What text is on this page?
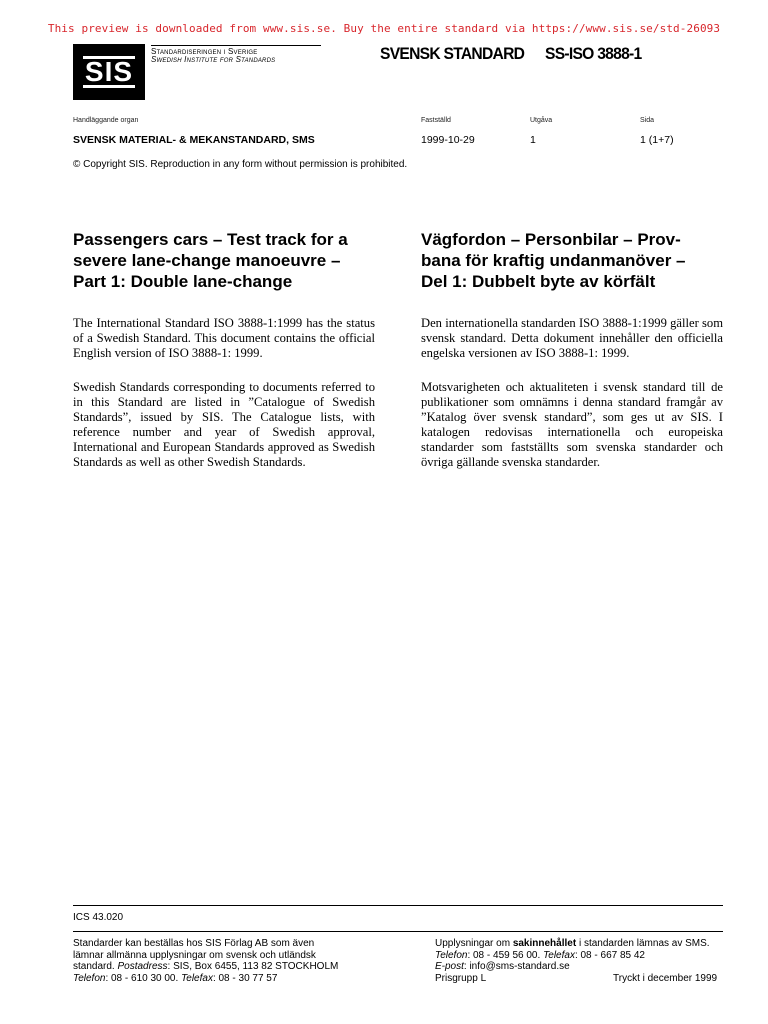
This preview is downloaded from www.sis.se. Buy the entire standard via https://www.sis.se/std-26093
SIS
Standardiseringen i Sverige
Swedish Institute for Standards	SVENSK STANDARD SS-ISO 3888-1
Handläggande organ	Fastställd	Utgåva	Sida
SVENSK MATERIAL- & MEKANSTANDARD, SMS	1999-10-29	1	1 (1+7)
© Copyright SIS. Reproduction in any form without permission is prohibited.
Passengers cars – Test track for a
severe lane-change manoeuvre –
Part 1: Double lane-change
Vägfordon – Personbilar – Prov-
bana för kraftig undanmanöver –
Del 1: Dubbelt byte av körfält

The International Standard ISO 3888-1:1999 has the status of a Swedish Standard. This document contains the official English version of ISO 3888-1: 1999.

Swedish Standards corresponding to documents referred to in this Standard are listed in ”Catalogue of Swedish Standards”, issued by SIS. The Catalogue lists, with reference number and year of Swedish approval, International and European Standards approved as Swedish Standards as well as other Swedish Standards.

Den internationella standarden ISO 3888-1:1999 gäller som svensk standard. Detta dokument innehåller den officiella engelska versionen av ISO 3888-1: 1999.

Motsvarigheten och aktualiteten i svensk standard till de publikationer som omnämns i denna standard framgår av ”Katalog över svensk standard”, som ges ut av SIS. I katalogen redovisas internationella och europeiska standarder som fastställts som svenska standarder och övriga gällande svenska standarder.

ICS 43.020

Standarder kan beställas hos SIS Förlag AB som även

lämnar allmänna upplysningar om svensk och utländsk

standard. Postadress: SIS, Box 6455, 113 82 STOCKHOLM

Telefon: 08 - 610 30 00. Telefax: 08 - 30 77 57

Upplysningar om sakinnehållet i standarden lämnas av SMS.

Telefon: 08 - 459 56 00. Telefax: 08 - 667 85 42

E-post: info@sms-standard.se

Prisgrupp L	Tryckt i december 1999
